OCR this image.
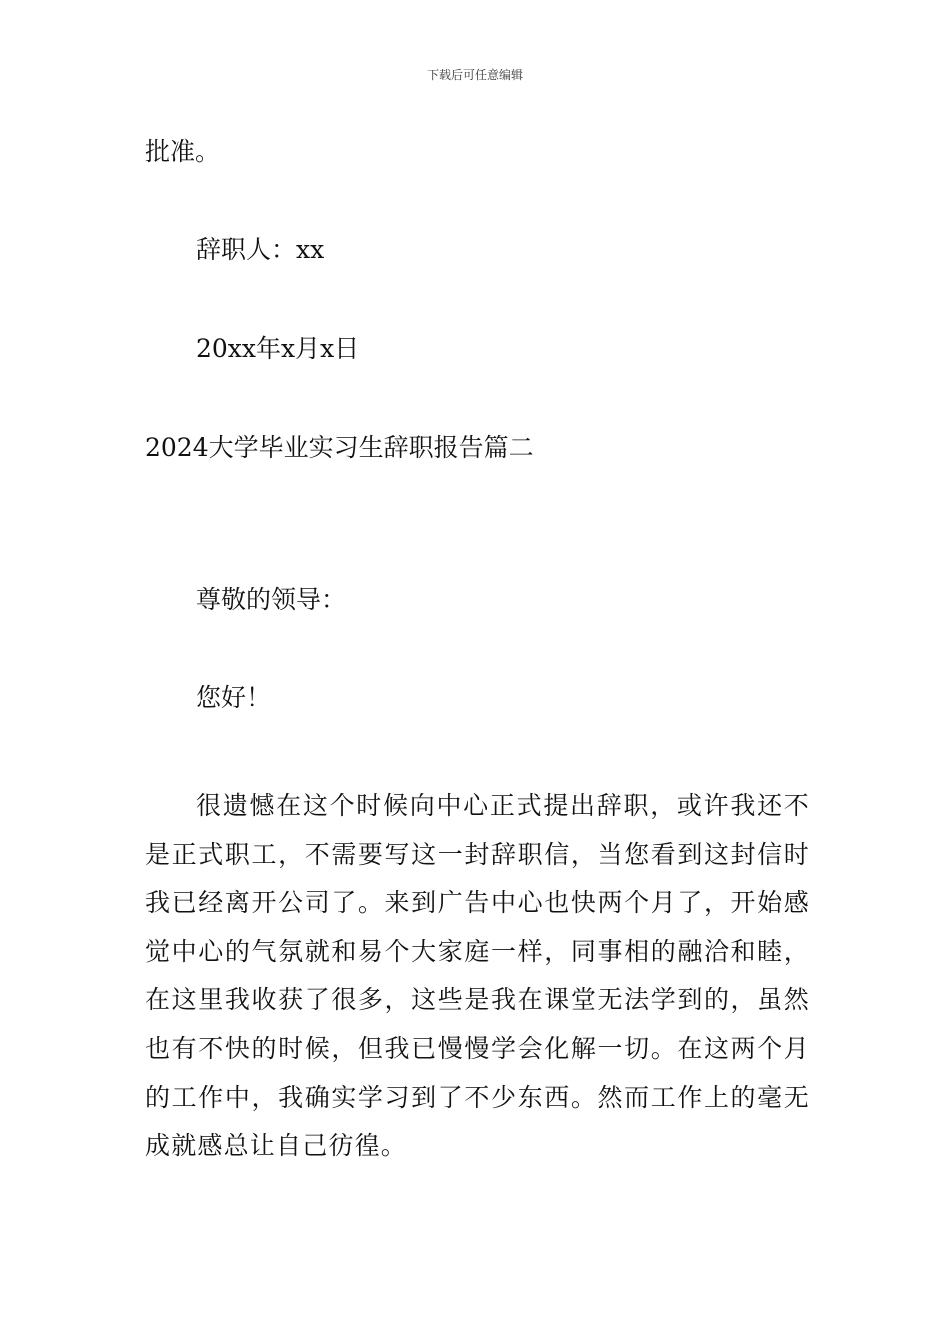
下载后可任意编辑
批准。
辞职人：xx
20xx年x月x日
2024大学毕业实习生辞职报告篇二
尊敬的领导：
您好！
很遗憾在这个时候向中心正式提出辞职，或许我还不是正式职工，不需要写这一封辞职信，当您看到这封信时我已经离开公司了。来到广告中心也快两个月了，开始感觉中心的气氛就和易个大家庭一样，同事相的融洽和睦，在这里我收获了很多，这些是我在课堂无法学到的，虽然也有不快的时候，但我已慢慢学会化解一切。在这两个月的工作中，我确实学习到了不少东西。然而工作上的毫无成就感总让自己彷徨。
